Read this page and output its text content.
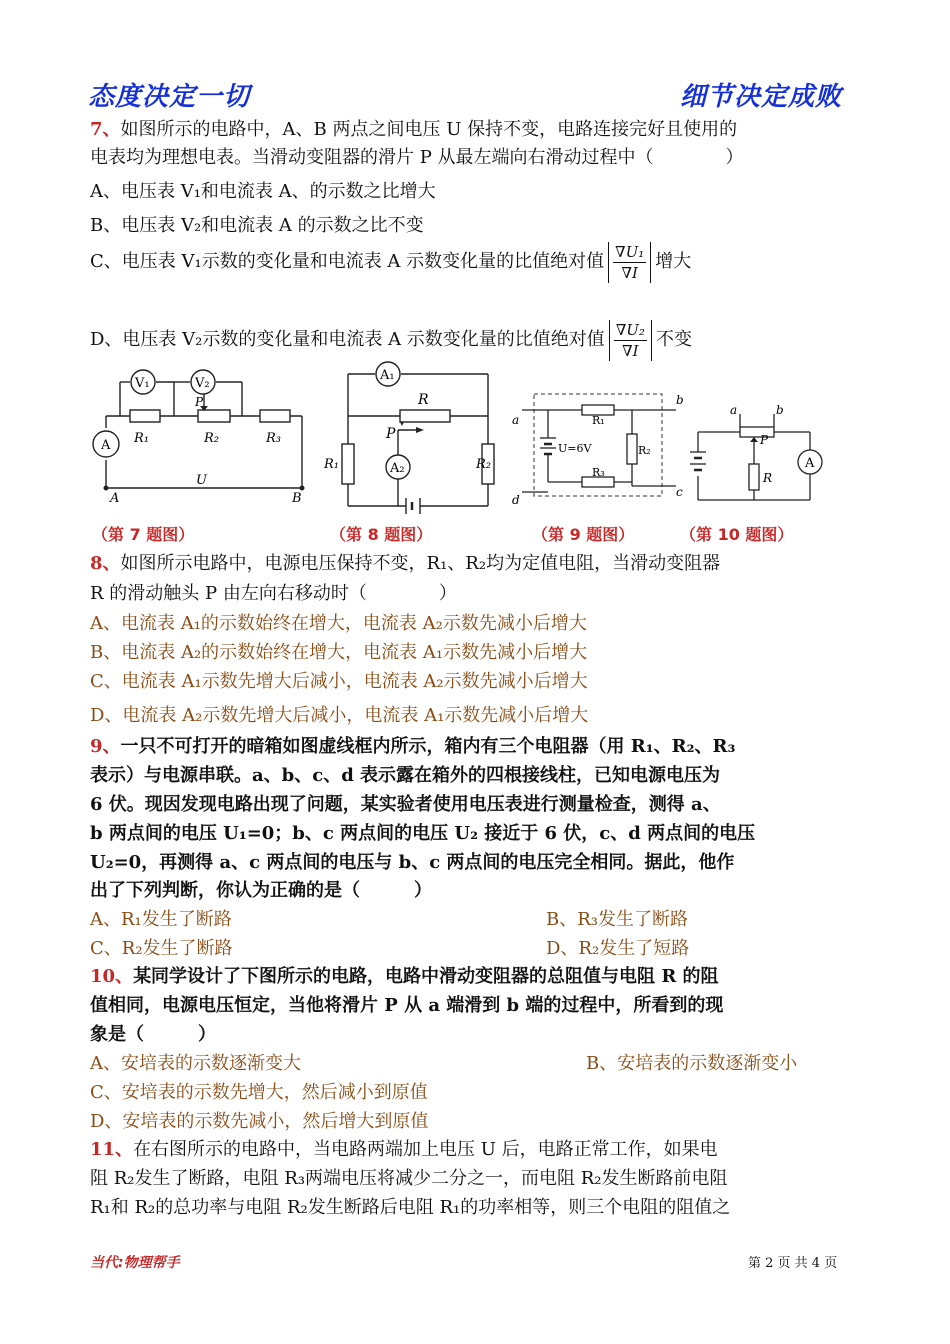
态度决定一切	细节决定成败
7、如图所示的电路中，A、B 两点之间电压 U 保持不变，电路连接完好且使用的
电表均为理想电表。当滑动变阻器的滑片 P 从最左端向右滑动过程中（　　　　）
A、电压表 V₁和电流表 A、的示数之比增大
B、电压表 V₂和电流表 A 的示数之比不变
C、电压表 V₁示数的变化量和电流表 A 示数变化量的比值绝对值 $\frac{\text{∇U₁}}{\nabla I}$ 增大
D、电压表 V₂示数的变化量和电流表 A 示数变化量的比值绝对值 $\frac{\text{∇U₂}}{\nabla I}$ 不变
V₁	V₂
A
P
R₁	R₂	R₃
U
A	B
A₁
A₂
R
P
R₁	R₂
a
b
c
d
R₁
R₂
R₃
U=6V
a	b
P
R
A
（第 7 题图）	（第 8 题图）	（第 9 题图）	（第 10 题图）
8、如图所示电路中，电源电压保持不变，R₁、R₂均为定值电阻，当滑动变阻器
R 的滑动触头 P 由左向右移动时（　　　　）
A、电流表 A₁的示数始终在增大，电流表 A₂示数先减小后增大
B、电流表 A₂的示数始终在增大，电流表 A₁示数先减小后增大
C、电流表 A₁示数先增大后减小，电流表 A₂示数先减小后增大
D、电流表 A₂示数先增大后减小，电流表 A₁示数先减小后增大
9、一只不可打开的暗箱如图虚线框内所示，箱内有三个电阻器（用 R₁、R₂、R₃
表示）与电源串联。a、b、c、d 表示露在箱外的四根接线柱，已知电源电压为
6 伏。现因发现电路出现了问题，某实验者使用电压表进行测量检查，测得 a、
b 两点间的电压 U₁=0；b、c 两点间的电压 U₂ 接近于 6 伏，c、d 两点间的电压
U₂=0，再测得 a、c 两点间的电压与 b、c 两点间的电压完全相同。据此，他作
出了下列判断，你认为正确的是（　　　）
A、R₁发生了断路	B、R₃发生了断路
C、R₂发生了断路	D、R₂发生了短路
10、某同学设计了下图所示的电路，电路中滑动变阻器的总阻值与电阻 R 的阻
值相同，电源电压恒定，当他将滑片 P 从 a 端滑到 b 端的过程中，所看到的现
象是（　　　）
A、安培表的示数逐渐变大	B、安培表的示数逐渐变小
C、安培表的示数先增大，然后减小到原值
D、安培表的示数先减小，然后增大到原值
11、在右图所示的电路中，当电路两端加上电压 U 后，电路正常工作，如果电
阻 R₂发生了断路，电阻 R₃两端电压将减少二分之一，而电阻 R₂发生断路前电阻
R₁和 R₂的总功率与电阻 R₂发生断路后电阻 R₁的功率相等，则三个电阻的阻值之
当代:物理帮手	第 2 页 共 4 页
